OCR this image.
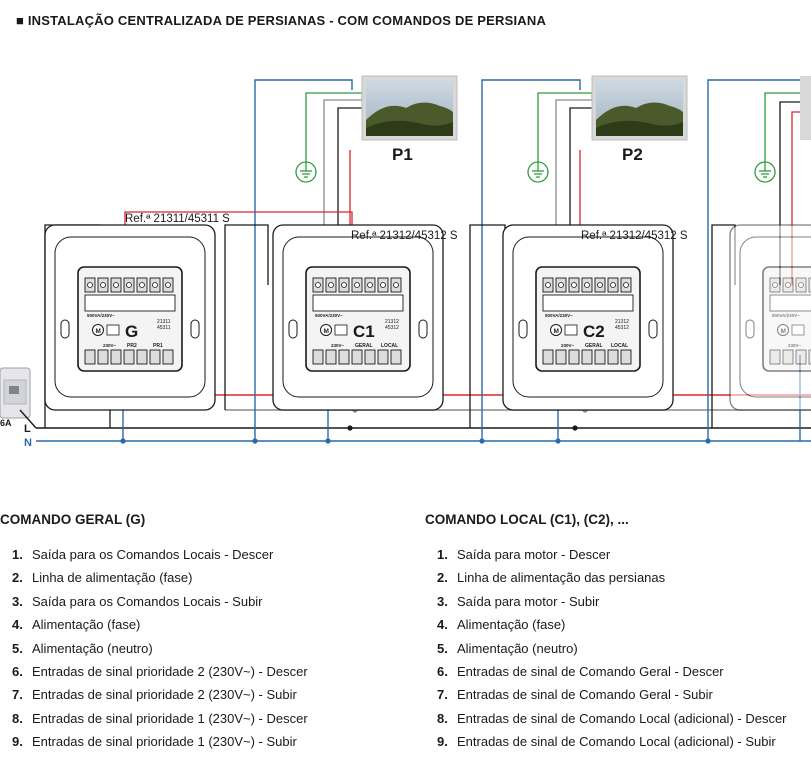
■ INSTALAÇÃO CENTRALIZADA DE PERSIANAS - COM COMANDOS DE PERSIANA
L
N
6A
500VA/230V~
M G	21311
45311
230V~ PR2	PR1
Ref.ª 21311/45311 S
500VA/230V~
M C1 21312
45312
230V~ GERAL LOCAL
Ref.ª 21312/45312 S
500VA/230V~
M C2 21312
45312
230V~ GERAL LOCAL
Ref.ª 21312/45312 S
500VA/230V~
M
230V~
P1	P2
COMANDO GERAL (G)
1. Saída para os Comandos Locais - Descer
2. Linha de alimentação (fase)
3. Saída para os Comandos Locais - Subir
4. Alimentação (fase)
5. Alimentação (neutro)
6. Entradas de sinal prioridade 2 (230V~) - Descer
7. Entradas de sinal prioridade 2 (230V~) - Subir
8. Entradas de sinal prioridade 1 (230V~) - Descer
9. Entradas de sinal prioridade 1 (230V~) - Subir
COMANDO LOCAL (C1), (C2), ...
1. Saída para motor - Descer
2. Linha de alimentação das persianas
3. Saída para motor - Subir
4. Alimentação (fase)
5. Alimentação (neutro)
6. Entradas de sinal de Comando Geral - Descer
7. Entradas de sinal de Comando Geral - Subir
8. Entradas de sinal de Comando Local (adicional) - Descer
9. Entradas de sinal de Comando Local (adicional) - Subir
